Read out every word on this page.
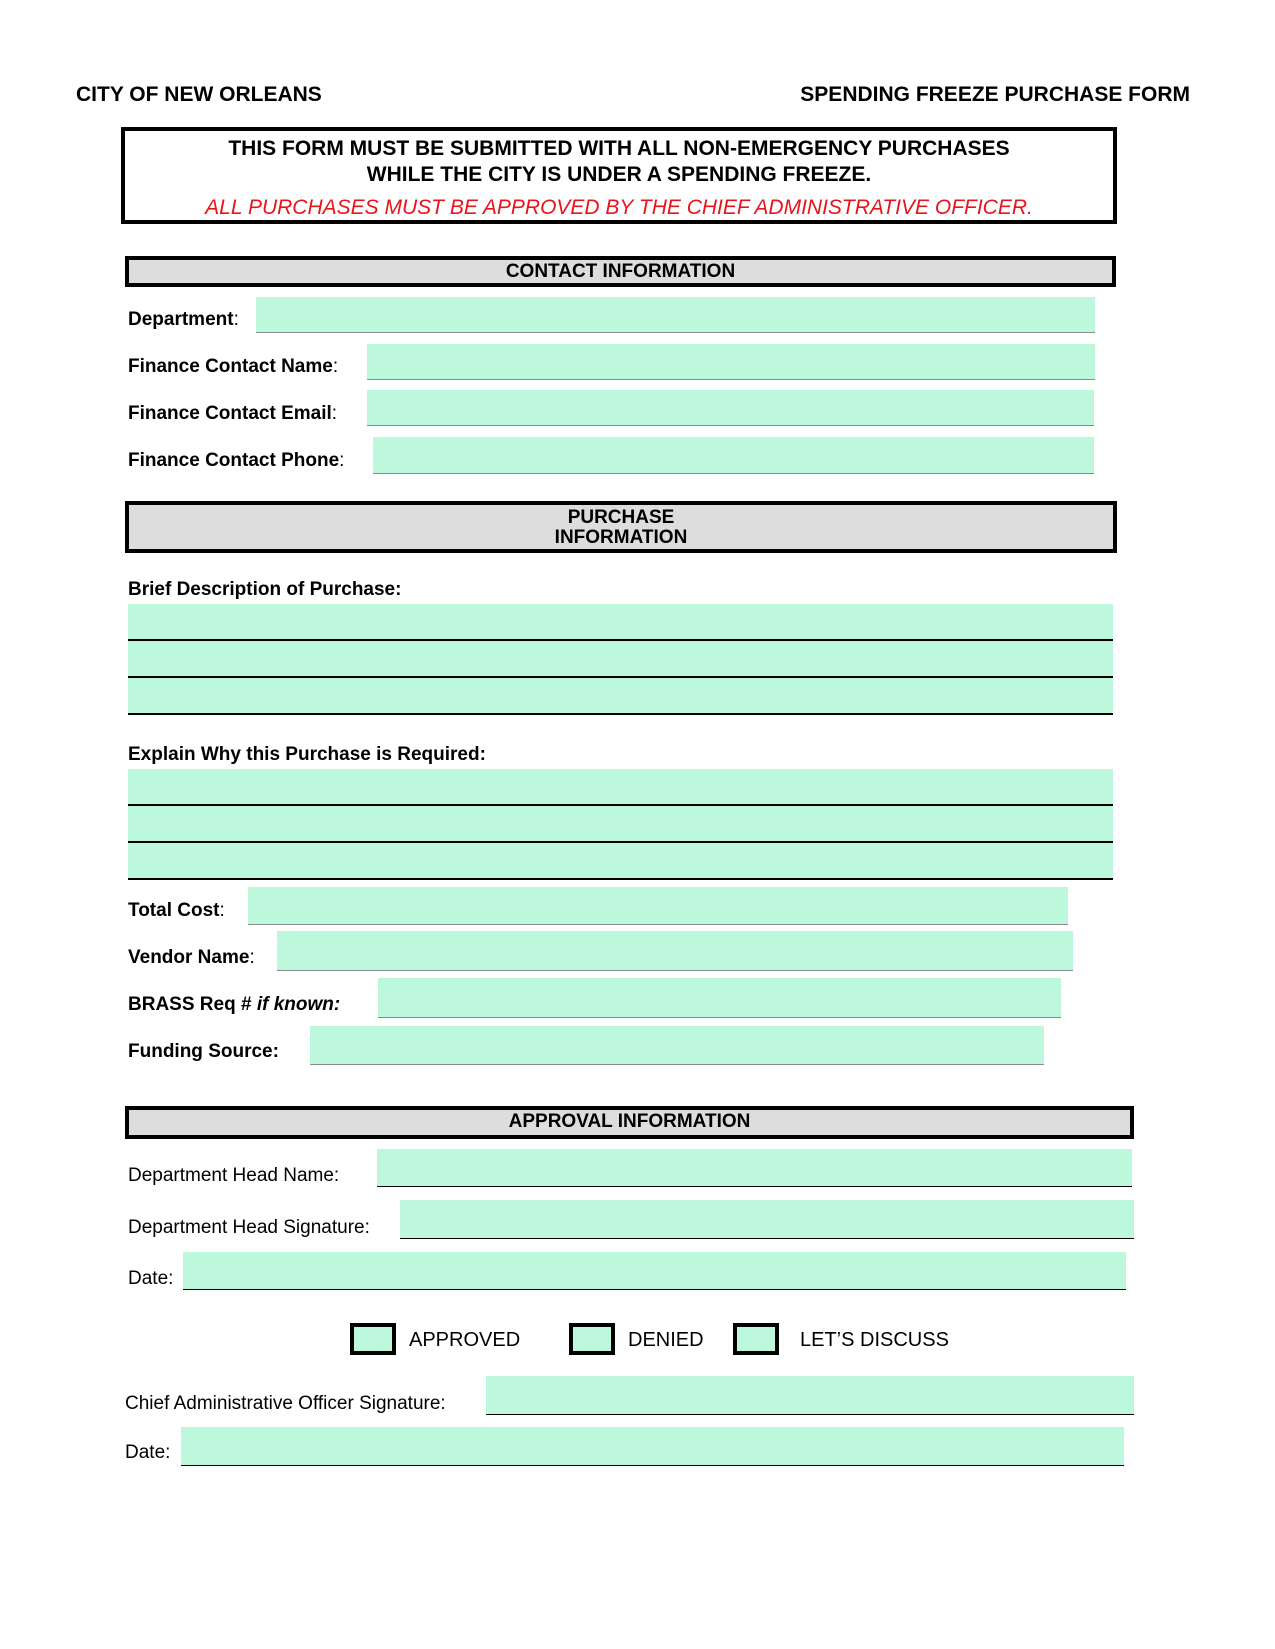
CITY OF NEW ORLEANS	SPENDING FREEZE PURCHASE FORM
THIS FORM MUST BE SUBMITTED WITH ALL NON-EMERGENCY PURCHASES
WHILE THE CITY IS UNDER A SPENDING FREEZE.
ALL PURCHASES MUST BE APPROVED BY THE CHIEF ADMINISTRATIVE OFFICER.
CONTACT INFORMATION
Department:
Finance Contact Name:
Finance Contact Email:
Finance Contact Phone:
PURCHASE
INFORMATION
Brief Description of Purchase:
Explain Why this Purchase is Required:
Total Cost:
Vendor Name:
BRASS Req # if known:
Funding Source:
APPROVAL INFORMATION
Department Head Name:
Department Head Signature:
Date:
APPROVED	DENIED	LET’S DISCUSS
Chief Administrative Officer Signature:
Date:
